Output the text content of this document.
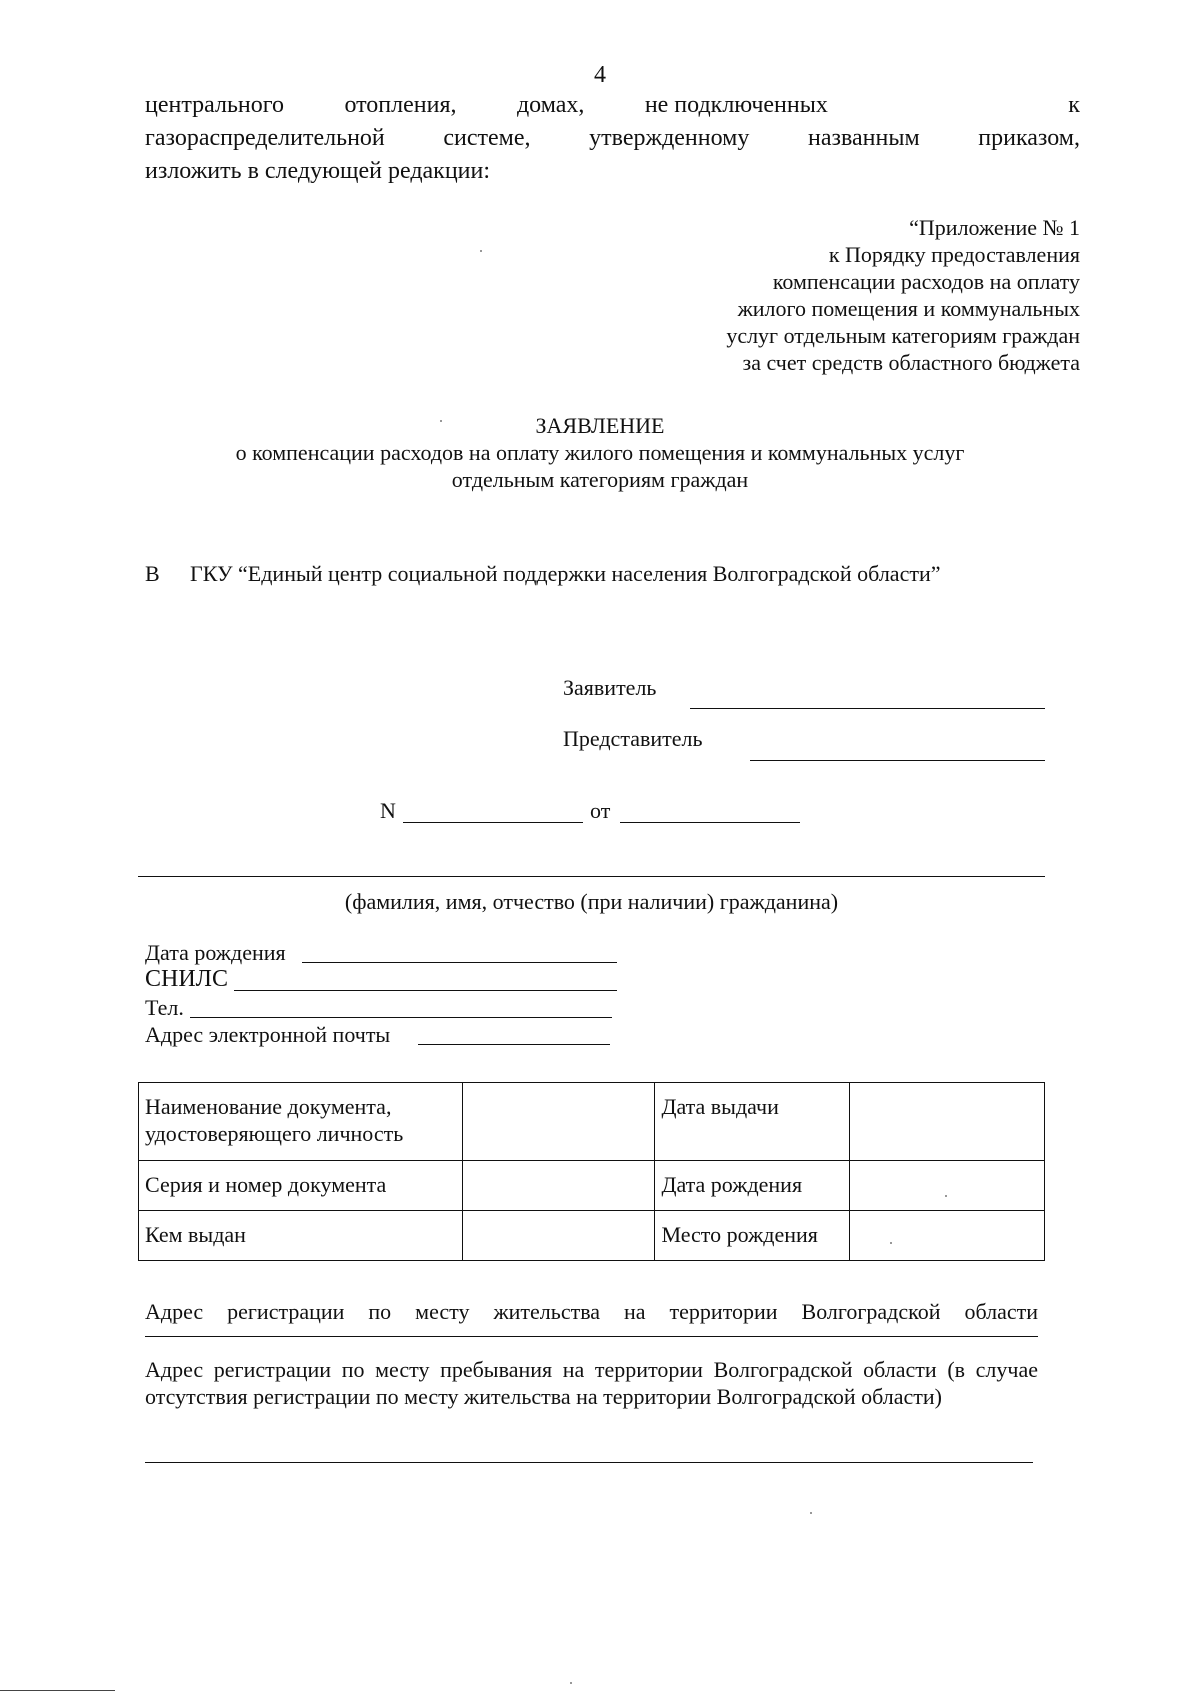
4
центрального	отопления,	домах,	не подключенных	к
газораспределительной системе, утвержденному названным приказом,
изложить в следующей редакции:
“Приложение № 1
к Порядку предоставления
компенсации расходов на оплату
жилого помещения и коммунальных
услуг отдельным категориям граждан
за счет средств областного бюджета
ЗАЯВЛЕНИЕ
о компенсации расходов на оплату жилого помещения и коммунальных услуг
отдельным категориям граждан
В ГКУ “Единый центр социальной поддержки населения Волгоградской области”
Заявитель
Представитель
N	от
(фамилия, имя, отчество (при наличии) гражданина)
Дата рождения
СНИЛС
Тел.
Адрес электронной почты
Наименование документа, удостоверяющего личность		Дата выдачи	
Серия и номер документа		Дата рождения	
Кем выдан		Место рождения	
Адрес регистрации по месту жительства на территории Волгоградской области
Адрес регистрации по месту пребывания на территории Волгоградской области (в случае отсутствия регистрации по месту жительства на территории Волгоградской области)
